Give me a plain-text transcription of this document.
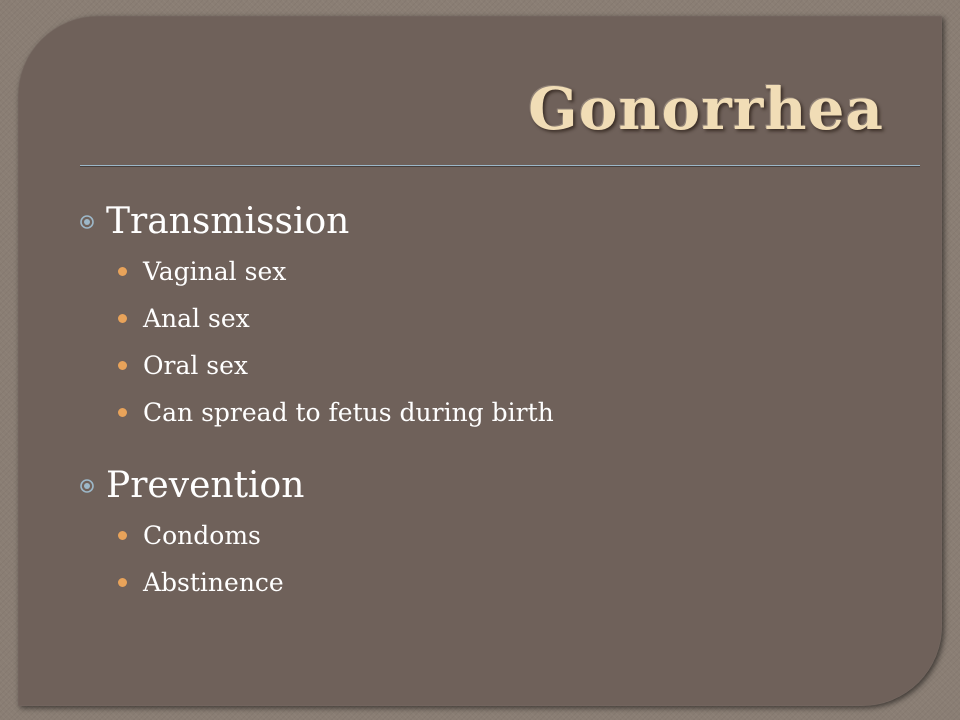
Gonorrhea
Transmission
Vaginal sex
Anal sex
Oral sex
Can spread to fetus during birth
Prevention
Condoms
Abstinence
